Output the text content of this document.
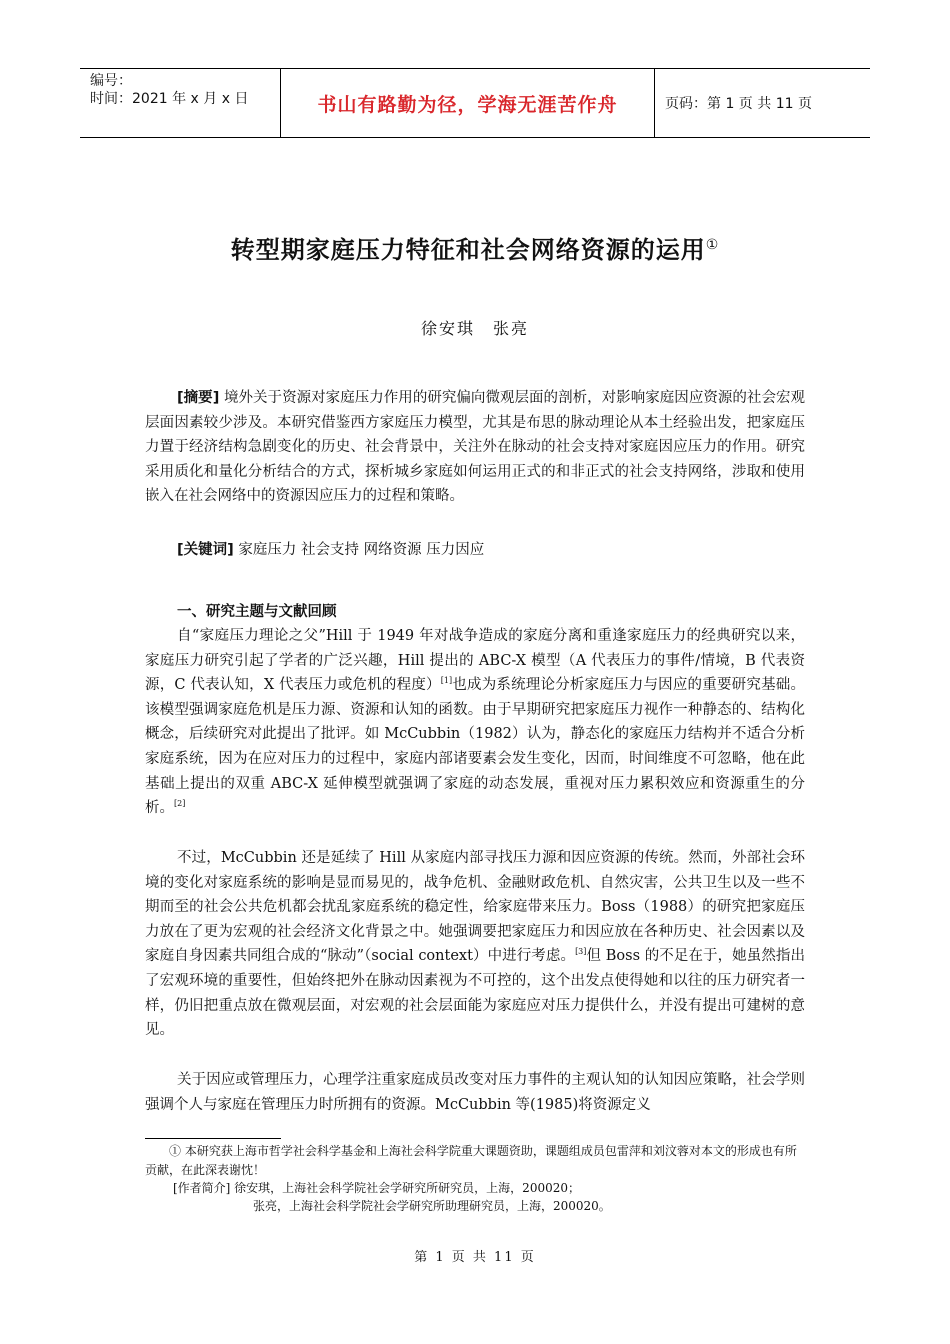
编号：
时间：2021 年 x 月 x 日	书山有路勤为径，学海无涯苦作舟	页码：第 1 页 共 11 页
转型期家庭压力特征和社会网络资源的运用①
徐安琪　张亮

[摘要] 境外关于资源对家庭压力作用的研究偏向微观层面的剖析，对影响家庭因应资源的社会宏观层面因素较少涉及。本研究借鉴西方家庭压力模型，尤其是布思的脉动理论从本土经验出发，把家庭压力置于经济结构急剧变化的历史、社会背景中，关注外在脉动的社会支持对家庭因应压力的作用。研究采用质化和量化分析结合的方式，探析城乡家庭如何运用正式的和非正式的社会支持网络，涉取和使用嵌入在社会网络中的资源因应压力的过程和策略。

[关键词] 家庭压力 社会支持 网络资源 压力因应

一、研究主题与文献回顾

自“家庭压力理论之父”Hill 于 1949 年对战争造成的家庭分离和重逢家庭压力的经典研究以来，家庭压力研究引起了学者的广泛兴趣，Hill 提出的 ABC-X 模型（A 代表压力的事件/情境，B 代表资源，C 代表认知，X 代表压力或危机的程度）[1]也成为系统理论分析家庭压力与因应的重要研究基础。该模型强调家庭危机是压力源、资源和认知的函数。由于早期研究把家庭压力视作一种静态的、结构化概念，后续研究对此提出了批评。如 McCubbin（1982）认为，静态化的家庭压力结构并不适合分析家庭系统，因为在应对压力的过程中，家庭内部诸要素会发生变化，因而，时间维度不可忽略，他在此基础上提出的双重 ABC-X 延伸模型就强调了家庭的动态发展，重视对压力累积效应和资源重生的分析。[2]

不过，McCubbin 还是延续了 Hill 从家庭内部寻找压力源和因应资源的传统。然而，外部社会环境的变化对家庭系统的影响是显而易见的，战争危机、金融财政危机、自然灾害，公共卫生以及一些不期而至的社会公共危机都会扰乱家庭系统的稳定性，给家庭带来压力。Boss（1988）的研究把家庭压力放在了更为宏观的社会经济文化背景之中。她强调要把家庭压力和因应放在各种历史、社会因素以及家庭自身因素共同组合成的“脉动”（social context）中进行考虑。[3]但 Boss 的不足在于，她虽然指出了宏观环境的重要性，但始终把外在脉动因素视为不可控的，这个出发点使得她和以往的压力研究者一样，仍旧把重点放在微观层面，对宏观的社会层面能为家庭应对压力提供什么，并没有提出可建树的意见。

关于因应或管理压力，心理学注重家庭成员改变对压力事件的主观认知的认知因应策略，社会学则强调个人与家庭在管理压力时所拥有的资源。McCubbin 等(1985)将资源定义

① 本研究获上海市哲学社会科学基金和上海社会科学院重大课题资助，课题组成员包雷萍和刘汶蓉对本文的形成也有所贡献，在此深表谢忱！

[作者简介] 徐安琪，上海社会科学院社会学研究所研究员，上海，200020；

张亮，上海社会科学院社会学研究所助理研究员，上海，200020。

第 1 页 共 11 页
